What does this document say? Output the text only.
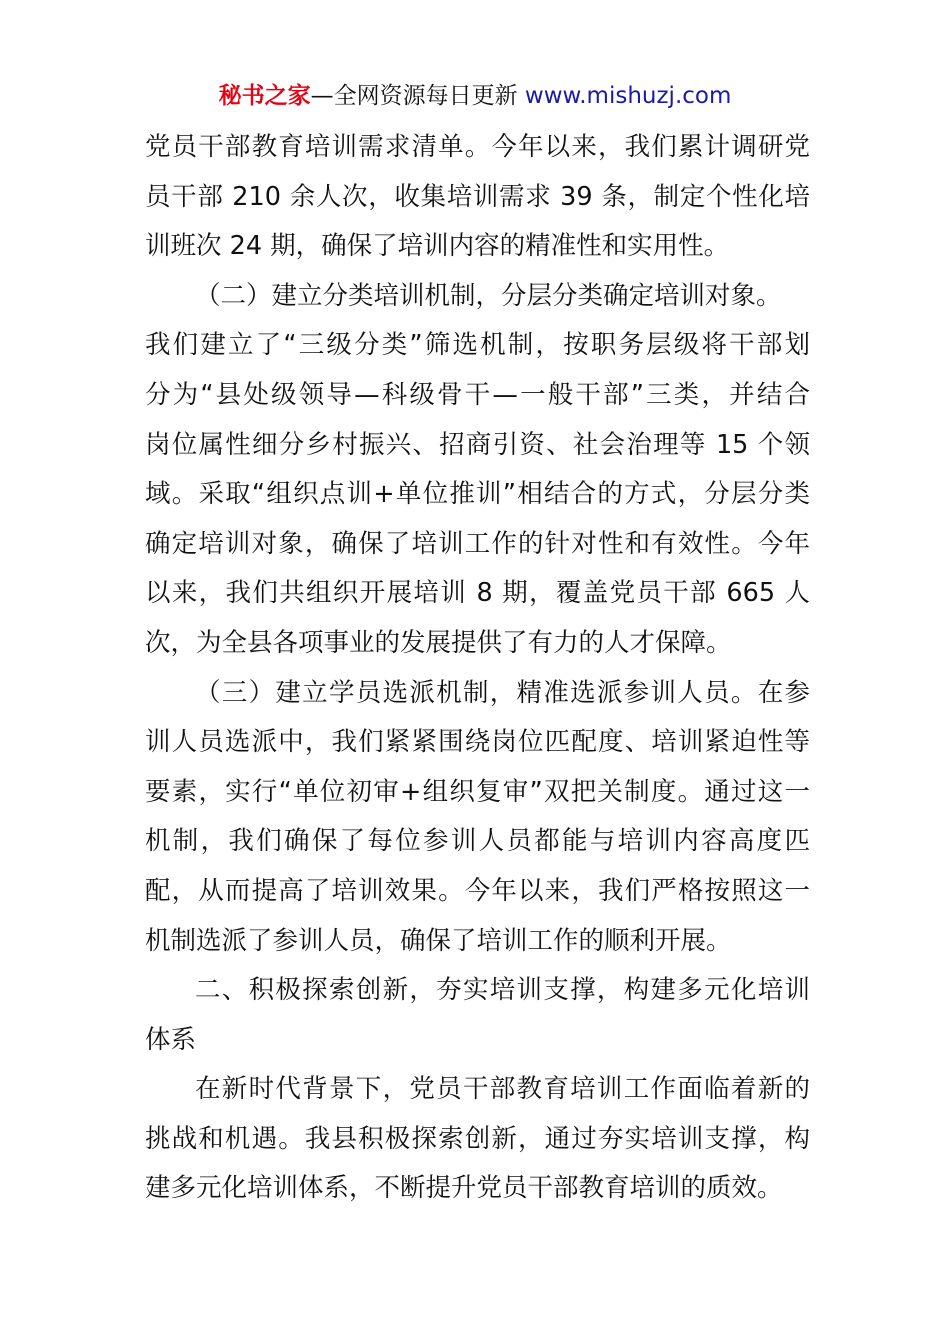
秘书之家—全网资源每日更新 www.mishuzj.com
党员干部教育培训需求清单。今年以来，我们累计调研党
员干部 210 余人次，收集培训需求 39 条，制定个性化培
训班次 24 期，确保了培训内容的精准性和实用性。
（二）建立分类培训机制，分层分类确定培训对象。
我们建立了“三级分类”筛选机制，按职务层级将干部划
分为“县处级领导—科级骨干—一般干部”三类，并结合
岗位属性细分乡村振兴、招商引资、社会治理等 15 个领
域。采取“组织点训+单位推训”相结合的方式，分层分类
确定培训对象，确保了培训工作的针对性和有效性。今年
以来，我们共组织开展培训 8 期，覆盖党员干部 665 人
次，为全县各项事业的发展提供了有力的人才保障。
（三）建立学员选派机制，精准选派参训人员。在参
训人员选派中，我们紧紧围绕岗位匹配度、培训紧迫性等
要素，实行“单位初审+组织复审”双把关制度。通过这一
机制，我们确保了每位参训人员都能与培训内容高度匹
配，从而提高了培训效果。今年以来，我们严格按照这一
机制选派了参训人员，确保了培训工作的顺利开展。
二、积极探索创新，夯实培训支撑，构建多元化培训
体系
在新时代背景下，党员干部教育培训工作面临着新的
挑战和机遇。我县积极探索创新，通过夯实培训支撑，构
建多元化培训体系，不断提升党员干部教育培训的质效。
